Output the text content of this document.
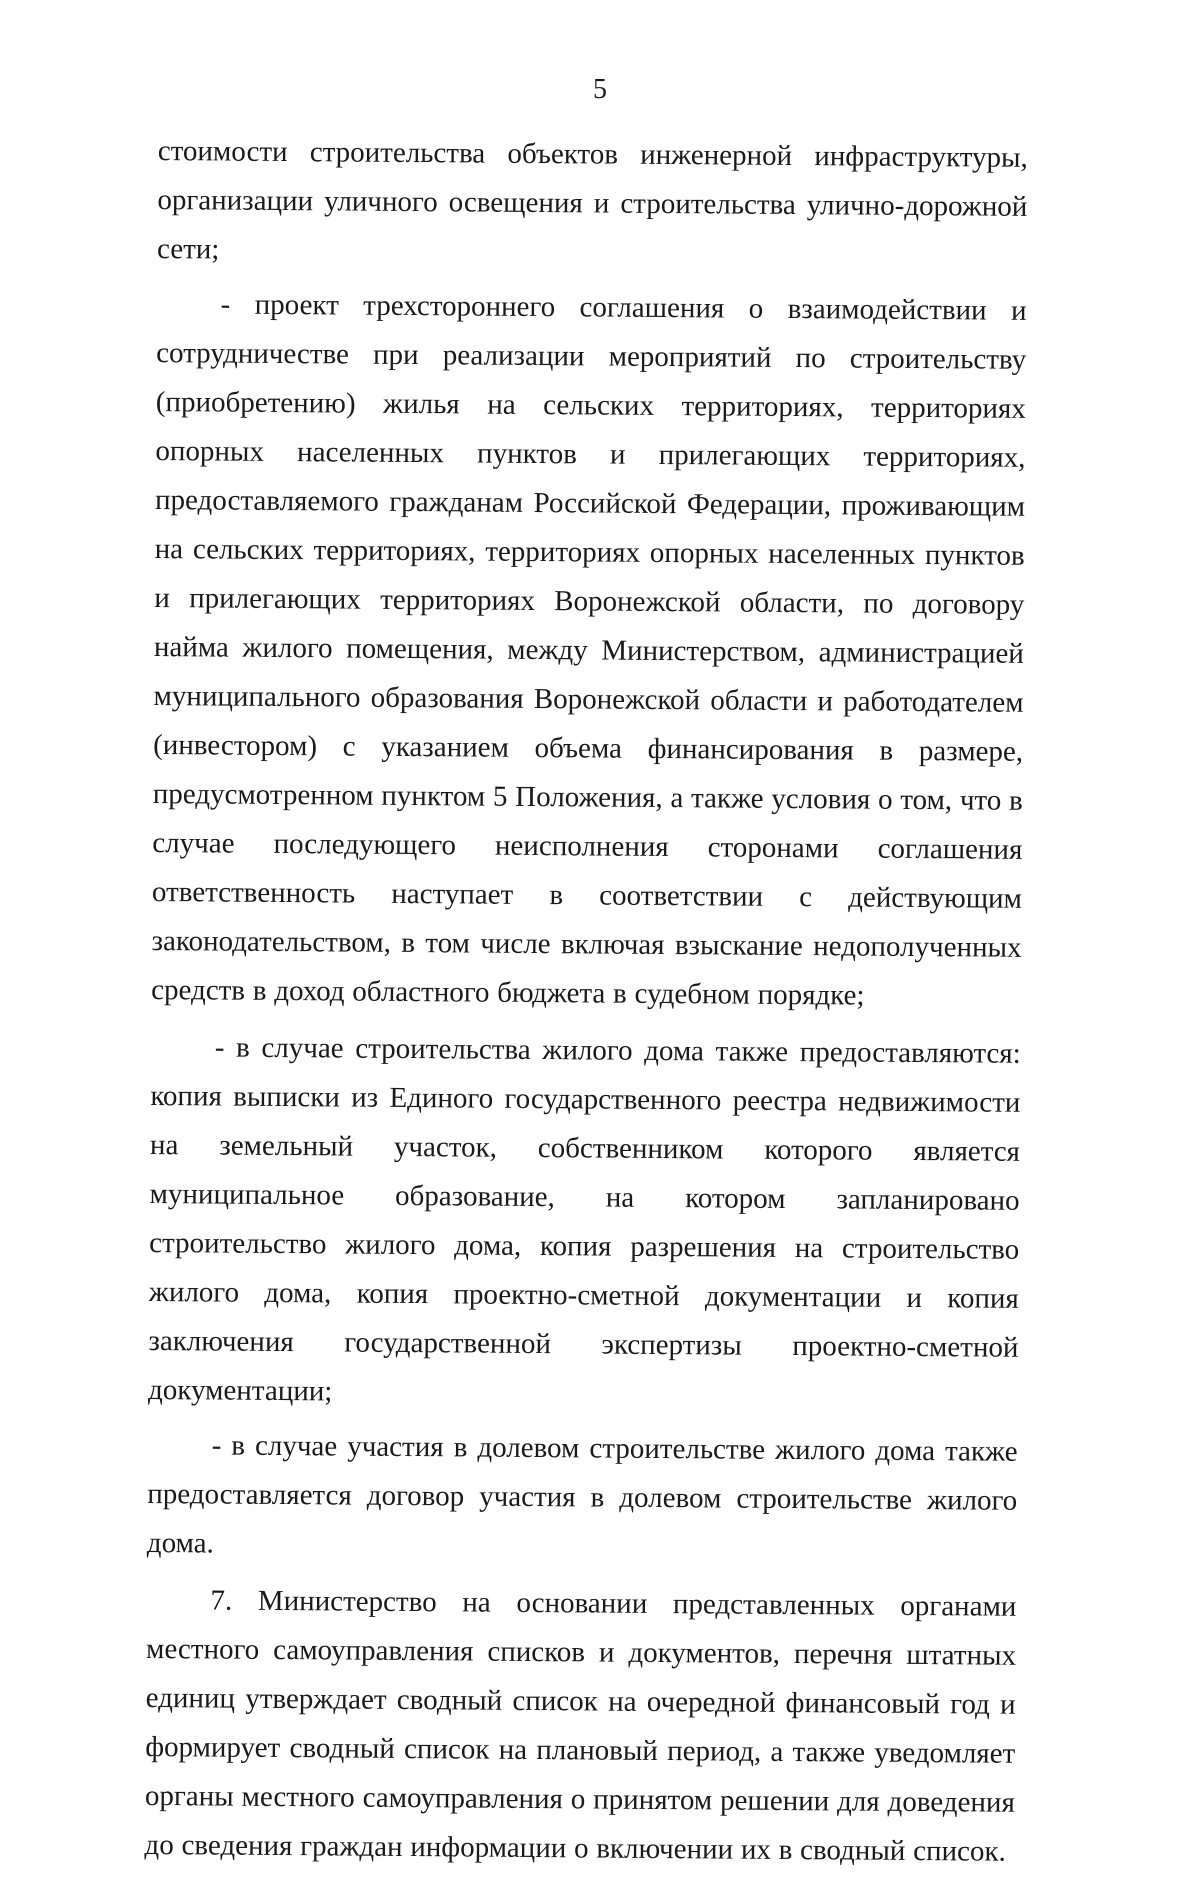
5

стоимости строительства объектов инженерной инфраструктуры, организации уличного освещения и строительства улично-дорожной сети;

- проект трехстороннего соглашения о взаимодействии и сотрудничестве при реализации мероприятий по строительству (приобретению) жилья на сельских территориях, территориях опорных населенных пунктов и прилегающих территориях, предоставляемого гражданам Российской Федерации, проживающим на сельских территориях, территориях опорных населенных пунктов и прилегающих территориях Воронежской области, по договору найма жилого помещения, между Министерством, администрацией муниципального образования Воронежской области и работодателем (инвестором) с указанием объема финансирования в размере, предусмотренном пунктом 5 Положения, а также условия о том, что в случае последующего неисполнения сторонами соглашения ответственность наступает в соответствии с действующим законодательством, в том числе включая взыскание недополученных средств в доход областного бюджета в судебном порядке;

- в случае строительства жилого дома также предоставляются: копия выписки из Единого государственного реестра недвижимости на земельный участок, собственником которого является муниципальное образование, на котором запланировано строительство жилого дома, копия разрешения на строительство жилого дома, копия проектно-сметной документации и копия заключения государственной экспертизы проектно-сметной документации;

- в случае участия в долевом строительстве жилого дома также предоставляется договор участия в долевом строительстве жилого дома.

7. Министерство на основании представленных органами местного самоуправления списков и документов, перечня штатных единиц утверждает сводный список на очередной финансовый год и формирует сводный список на плановый период, а также уведомляет органы местного самоуправления о принятом решении для доведения до сведения граждан информации о включении их в сводный список.
